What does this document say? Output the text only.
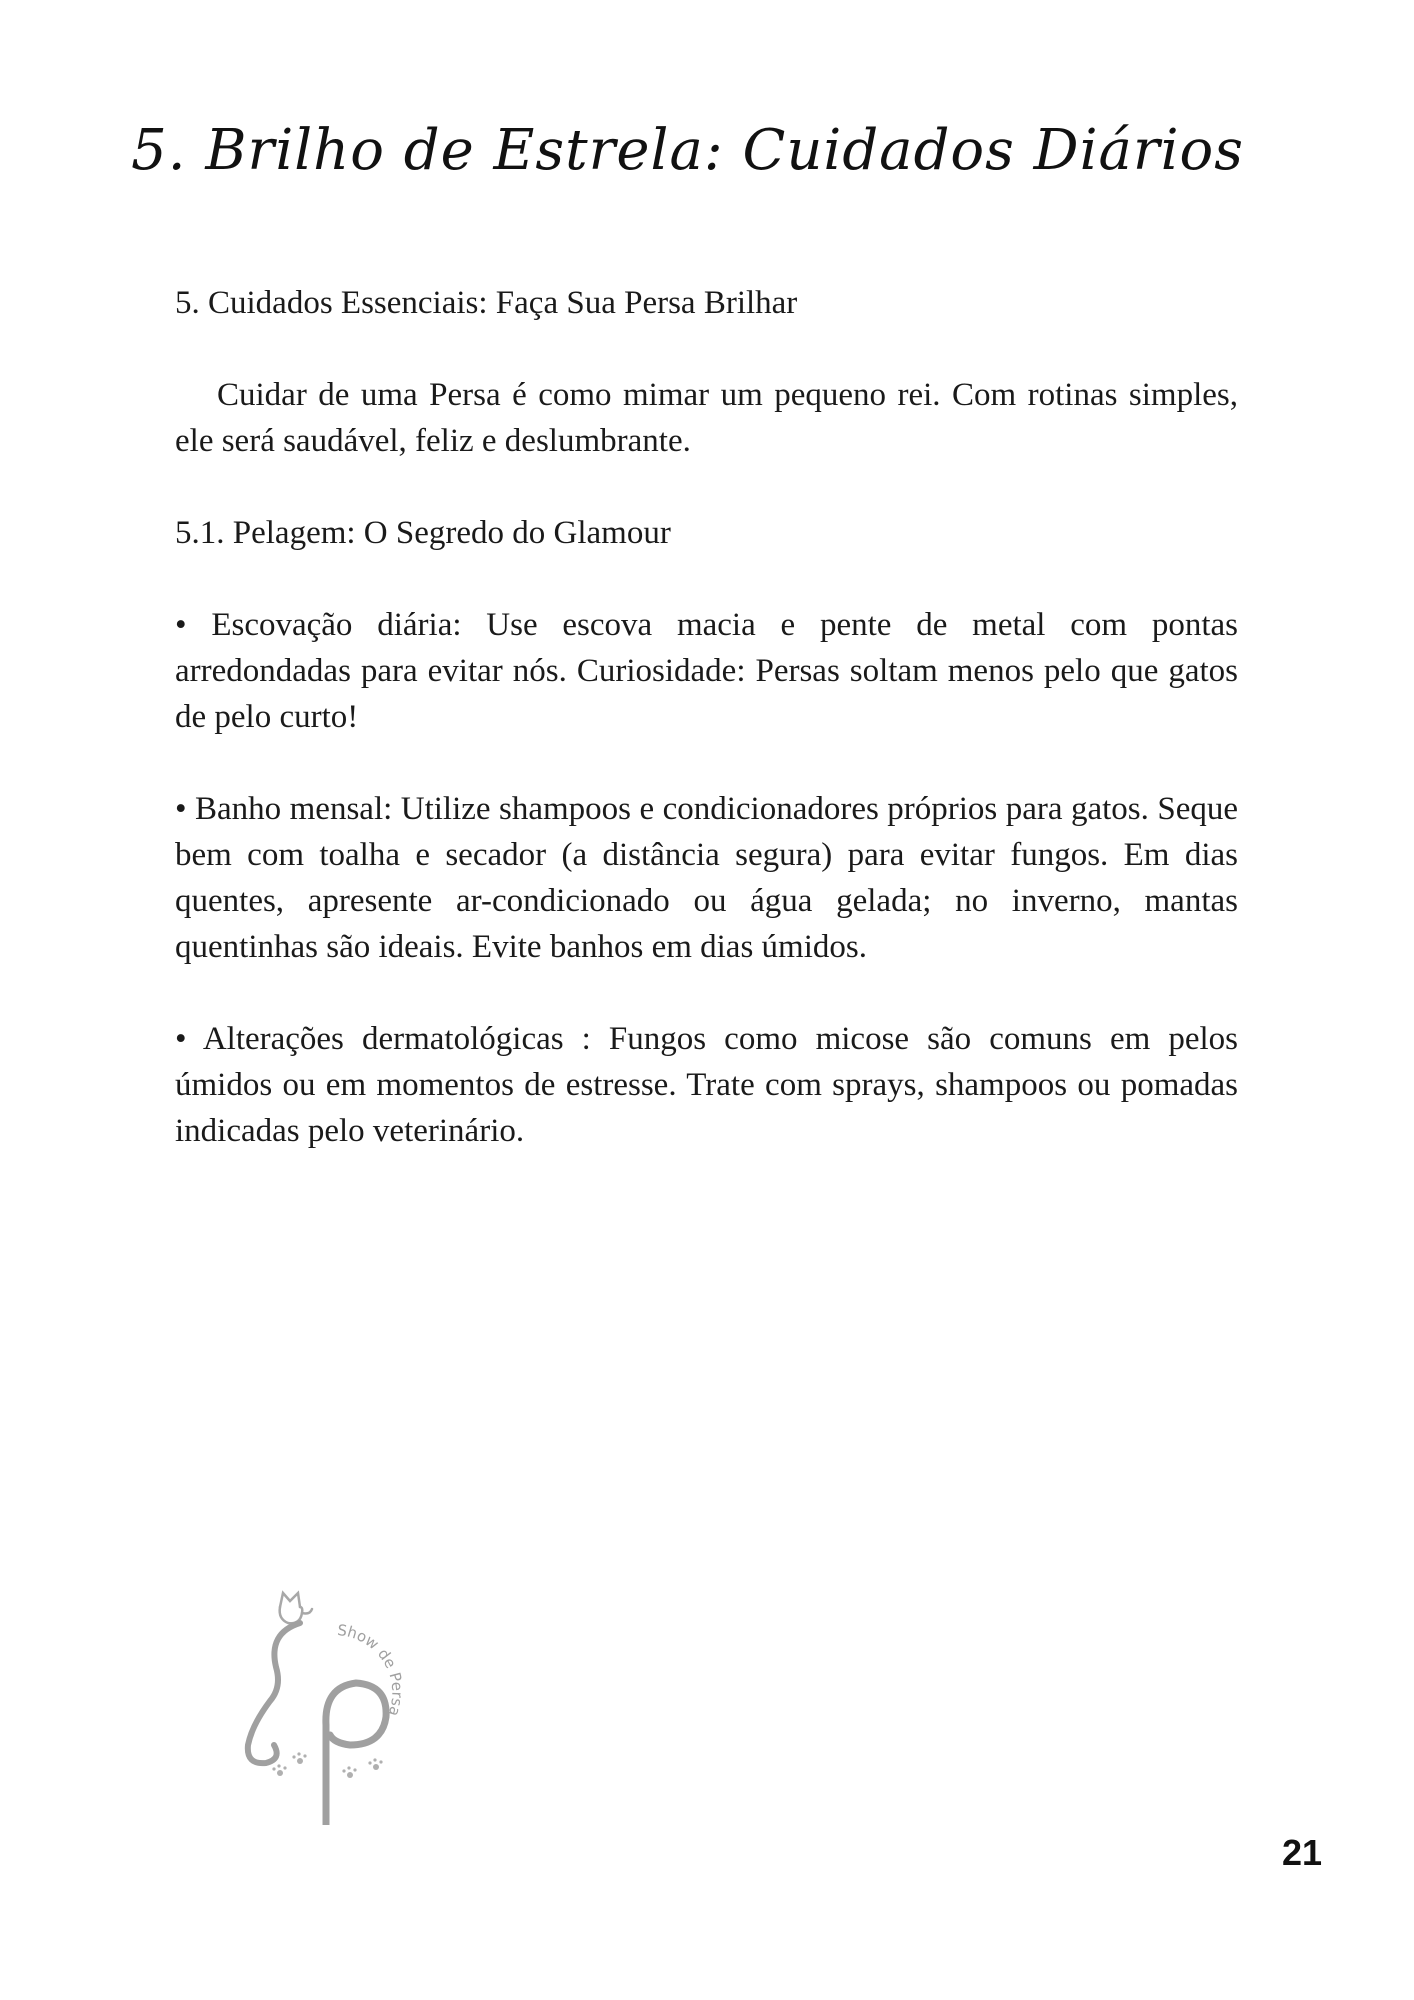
5. Brilho de Estrela: Cuidados Diários

5. Cuidados Essenciais: Faça Sua Persa Brilhar

Cuidar de uma Persa é como mimar um pequeno rei. Com rotinas simples, ele será saudável, feliz e deslumbrante.

5.1. Pelagem: O Segredo do Glamour

• Escovação diária: Use escova macia e pente de metal com pontas arredondadas para evitar nós. Curiosidade: Persas soltam menos pelo que gatos de pelo curto!

• Banho mensal: Utilize shampoos e condicionadores próprios para gatos. Seque bem com toalha e secador (a distância segura) para evitar fungos. Em dias quentes, apresente ar-condicionado ou água gelada; no inverno, mantas quentinhas são ideais. Evite banhos em dias úmidos.

• Alterações dermatológicas : Fungos como micose são comuns em pelos úmidos ou em momentos de estresse. Trate com sprays, shampoos ou pomadas indicadas pelo veterinário.

Show de Persa
21
